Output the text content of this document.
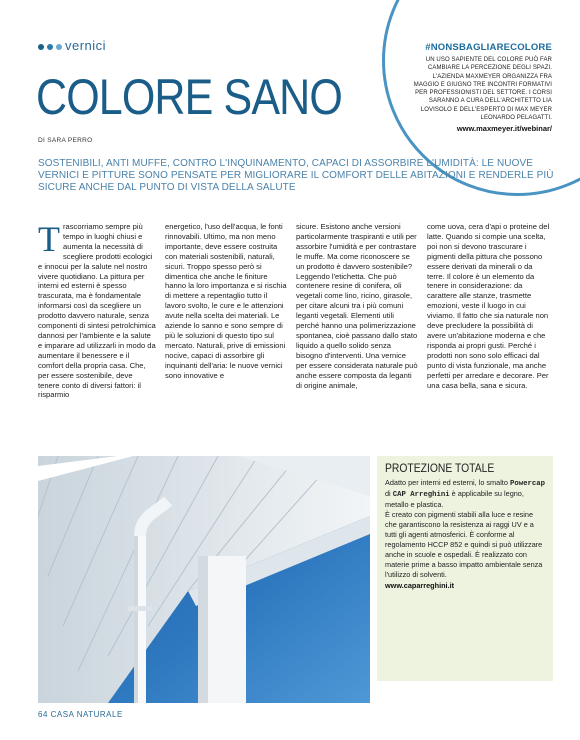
vernici
COLORE SANO
DI SARA PERRO
#NONSBAGLIARECOLORE
UN USO SAPIENTE DEL COLORE PUÒ FAR CAMBIARE LA PERCEZIONE DEGLI SPAZI. L'AZIENDA MAXMEYER ORGANIZZA FRA MAGGIO E GIUGNO TRE INCONTRI FORMATIVI PER PROFESSIONISTI DEL SETTORE. I CORSI SARANNO A CURA DELL'ARCHITETTO LIA LOVISOLO E DELL'ESPERTO DI MAX MEYER LEONARDO PELAGATTI.
www.maxmeyer.it/webinar/
SOSTENIBILI, ANTI MUFFE, CONTRO L'INQUINAMENTO, CAPACI DI ASSORBIRE L'UMIDITÀ: LE NUOVE VERNICI E PITTURE SONO PENSATE PER MIGLIORARE IL COMFORT DELLE ABITAZIONI E RENDERLE PIÙ SICURE ANCHE DAL PUNTO DI VISTA DELLA SALUTE
T rascorriamo sempre più tempo in luoghi chiusi e aumenta la necessità di scegliere prodotti ecologici e innocui per la salute nel nostro vivere quotidiano. La pittura per interni ed esterni è spesso trascurata, ma è fondamentale informarsi così da scegliere un prodotto davvero naturale, senza componenti di sintesi petrolchimica dannosi per l'ambiente e la salute e imparare ad utilizzarli in modo da aumentare il benessere e il comfort della propria casa. Che, per essere sostenibile, deve tenere conto di diversi fattori: il risparmio
energetico, l'uso dell'acqua, le fonti rinnovabili. Ultimo, ma non meno importante, deve essere costruita con materiali sostenibili, naturali, sicuri. Troppo spesso però si dimentica che anche le finiture hanno la loro importanza e si rischia di mettere a repentaglio tutto il lavoro svolto, le cure e le attenzioni avute nella scelta dei materiali. Le aziende lo sanno e sono sempre di più le soluzioni di questo tipo sul mercato. Naturali, prive di emissioni nocive, capaci di assorbire gli inquinanti dell'aria: le nuove vernici sono innovative e
sicure. Esistono anche versioni particolarmente traspiranti e utili per assorbire l'umidità e per contrastare le muffe. Ma come riconoscere se un prodotto è davvero sostenibile? Leggendo l'etichetta. Che può contenere resine di conifera, oli vegetali come lino, ricino, girasole, per citare alcuni tra i più comuni leganti vegetali. Elementi utili perché hanno una polimerizzazione spontanea, cioè passano dallo stato liquido a quello solido senza bisogno d'interventi. Una vernice per essere considerata naturale può anche essere composta da leganti di origine animale,
come uova, cera d'api o proteine del latte. Quando si compie una scelta, poi non si devono trascurare i pigmenti della pittura che possono essere derivati da minerali o da terre. Il colore è un elemento da tenere in considerazione: da carattere alle stanze, trasmette emozioni, veste il luogo in cui viviamo. Il fatto che sia naturale non deve precludere la possibilità di avere un'abitazione moderna e che risponda ai propri gusti. Perché i prodotti non sono solo efficaci dal punto di vista funzionale, ma anche perfetti per arredare e decorare. Per una casa bella, sana e sicura.
PROTEZIONE TOTALE

Adatto per interni ed esterni, lo smalto Powercap di CAP Arreghini è applicabile su legno, metallo e plastica.

È creato con pigmenti stabili alla luce e resine che garantiscono la resistenza ai raggi UV e a tutti gli agenti atmosferici. È conforme al regolamento HCCP 852 e quindi si può utilizzare anche in scuole e ospedali. È realizzato con materie prime a basso impatto ambientale senza l'utilizzo di solventi.

www.caparreghini.it
64 CASA NATURALE
